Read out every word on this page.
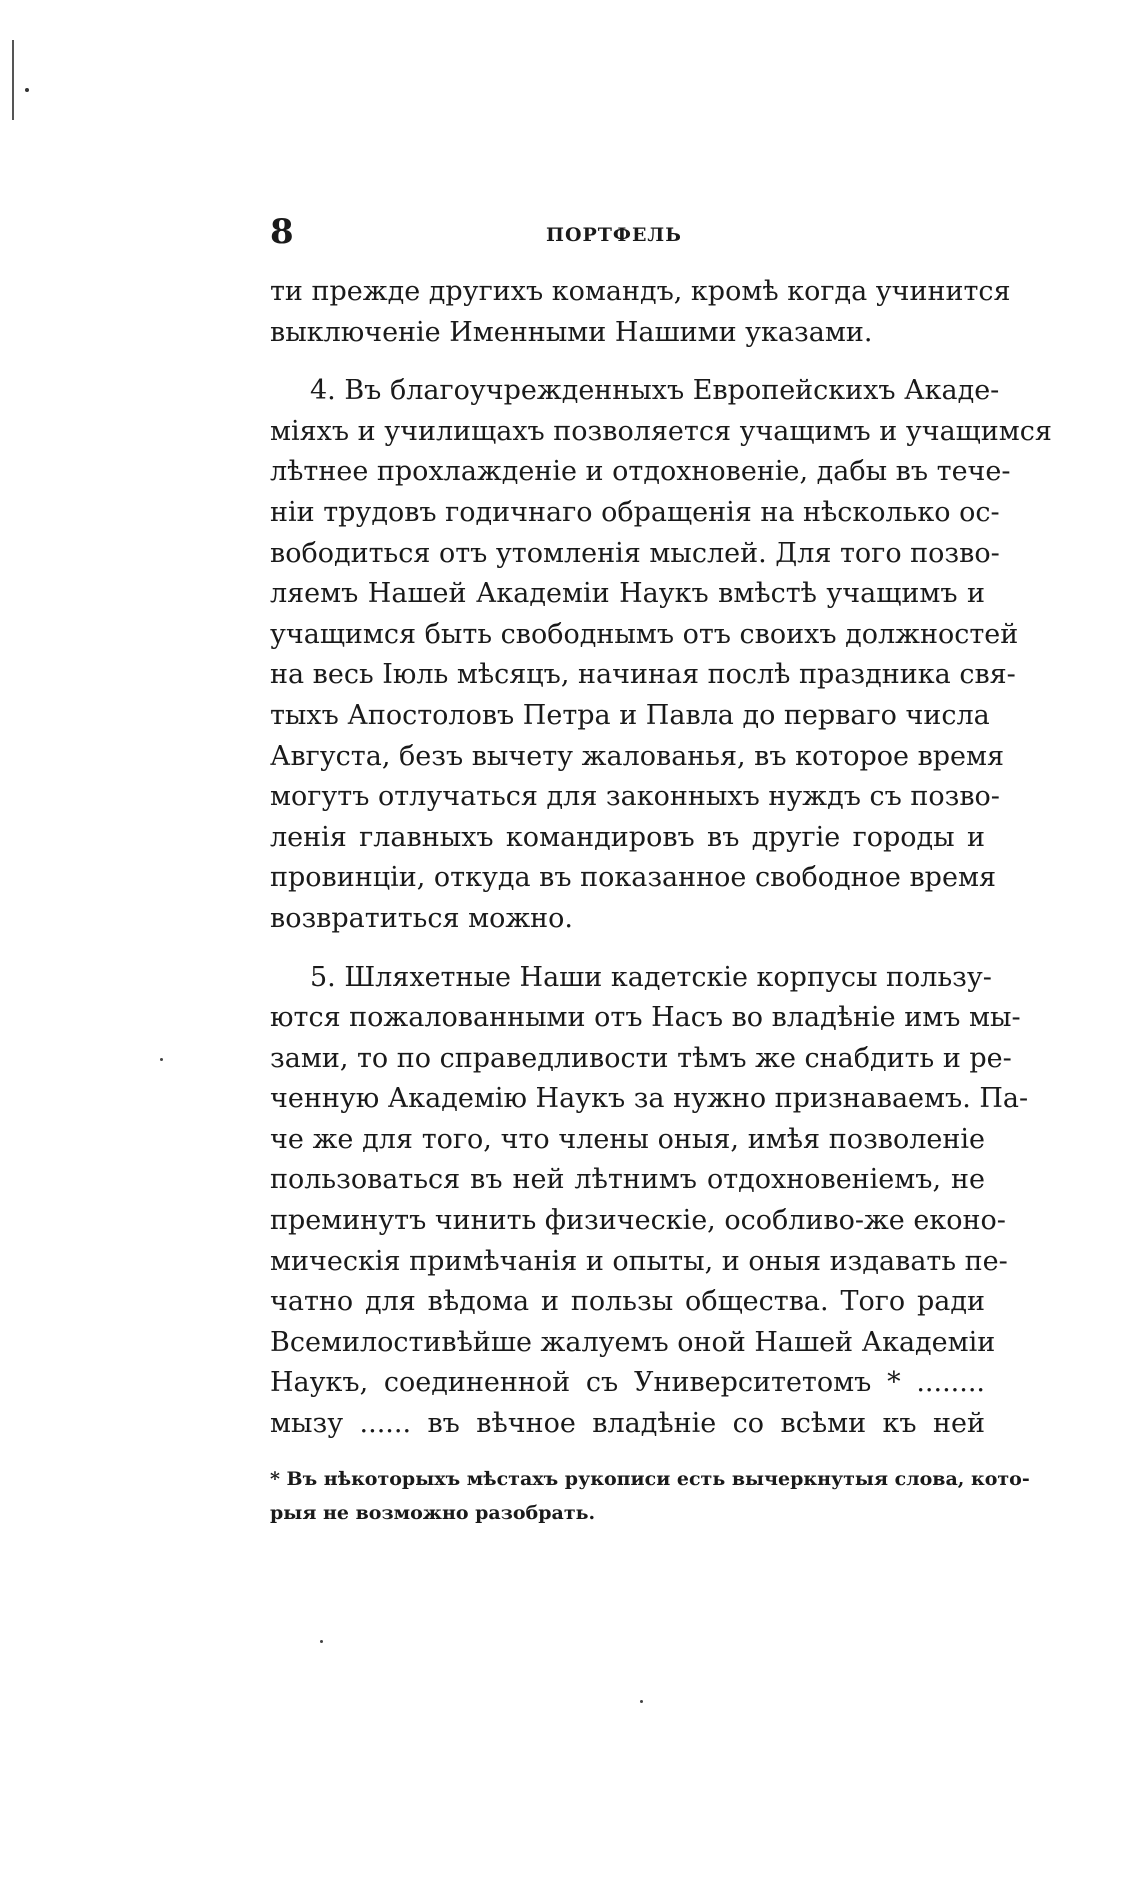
8	ПОРТФЕЛЬ

ти прежде другихъ командъ, кромѣ когда учинится
выключеніе Именными Нашими указами.

4. Въ благоучрежденныхъ Европейскихъ Акаде-
міяхъ и училищахъ позволяется учащимъ и учащимся
лѣтнее прохлажденіе и отдохновеніе, дабы въ тече-
ніи трудовъ годичнаго обращенія на нѣсколько ос-
вободиться отъ утомленія мыслей. Для того позво-
ляемъ Нашей Академіи Наукъ вмѣстѣ учащимъ и
учащимся быть свободнымъ отъ своихъ должностей
на весь Іюль мѣсяцъ, начиная послѣ праздника свя-
тыхъ Апостоловъ Петра и Павла до перваго числа
Августа, безъ вычету жалованья, въ которое время
могутъ отлучаться для законныхъ нуждъ съ позво-
ленія главныхъ командировъ въ другіе городы и
провинціи, откуда въ показанное свободное время
возвратиться можно.

5. Шляхетные Наши кадетскіе корпусы пользу-
ются пожалованными отъ Насъ во владѣніе имъ мы-
зами, то по справедливости тѣмъ же снабдить и ре-
ченную Академію Наукъ за нужно признаваемъ. Па-
че же для того, что члены оныя, имѣя позволеніе
пользоваться въ ней лѣтнимъ отдохновеніемъ, не
преминутъ чинить физическіе, особливо-же еконо-
мическія примѣчанія и опыты, и оныя издавать пе-
чатно для вѣдома и пользы общества. Того ради
Всемилостивѣйше жалуемъ оной Нашей Академіи
Наукъ, соединенной съ Университетомъ * ........
мызу ...... въ вѣчное владѣніе со всѣми къ ней

* Въ нѣкоторыхъ мѣстахъ рукописи есть вычеркнутыя слова, кото-
рыя не возможно разобрать.
